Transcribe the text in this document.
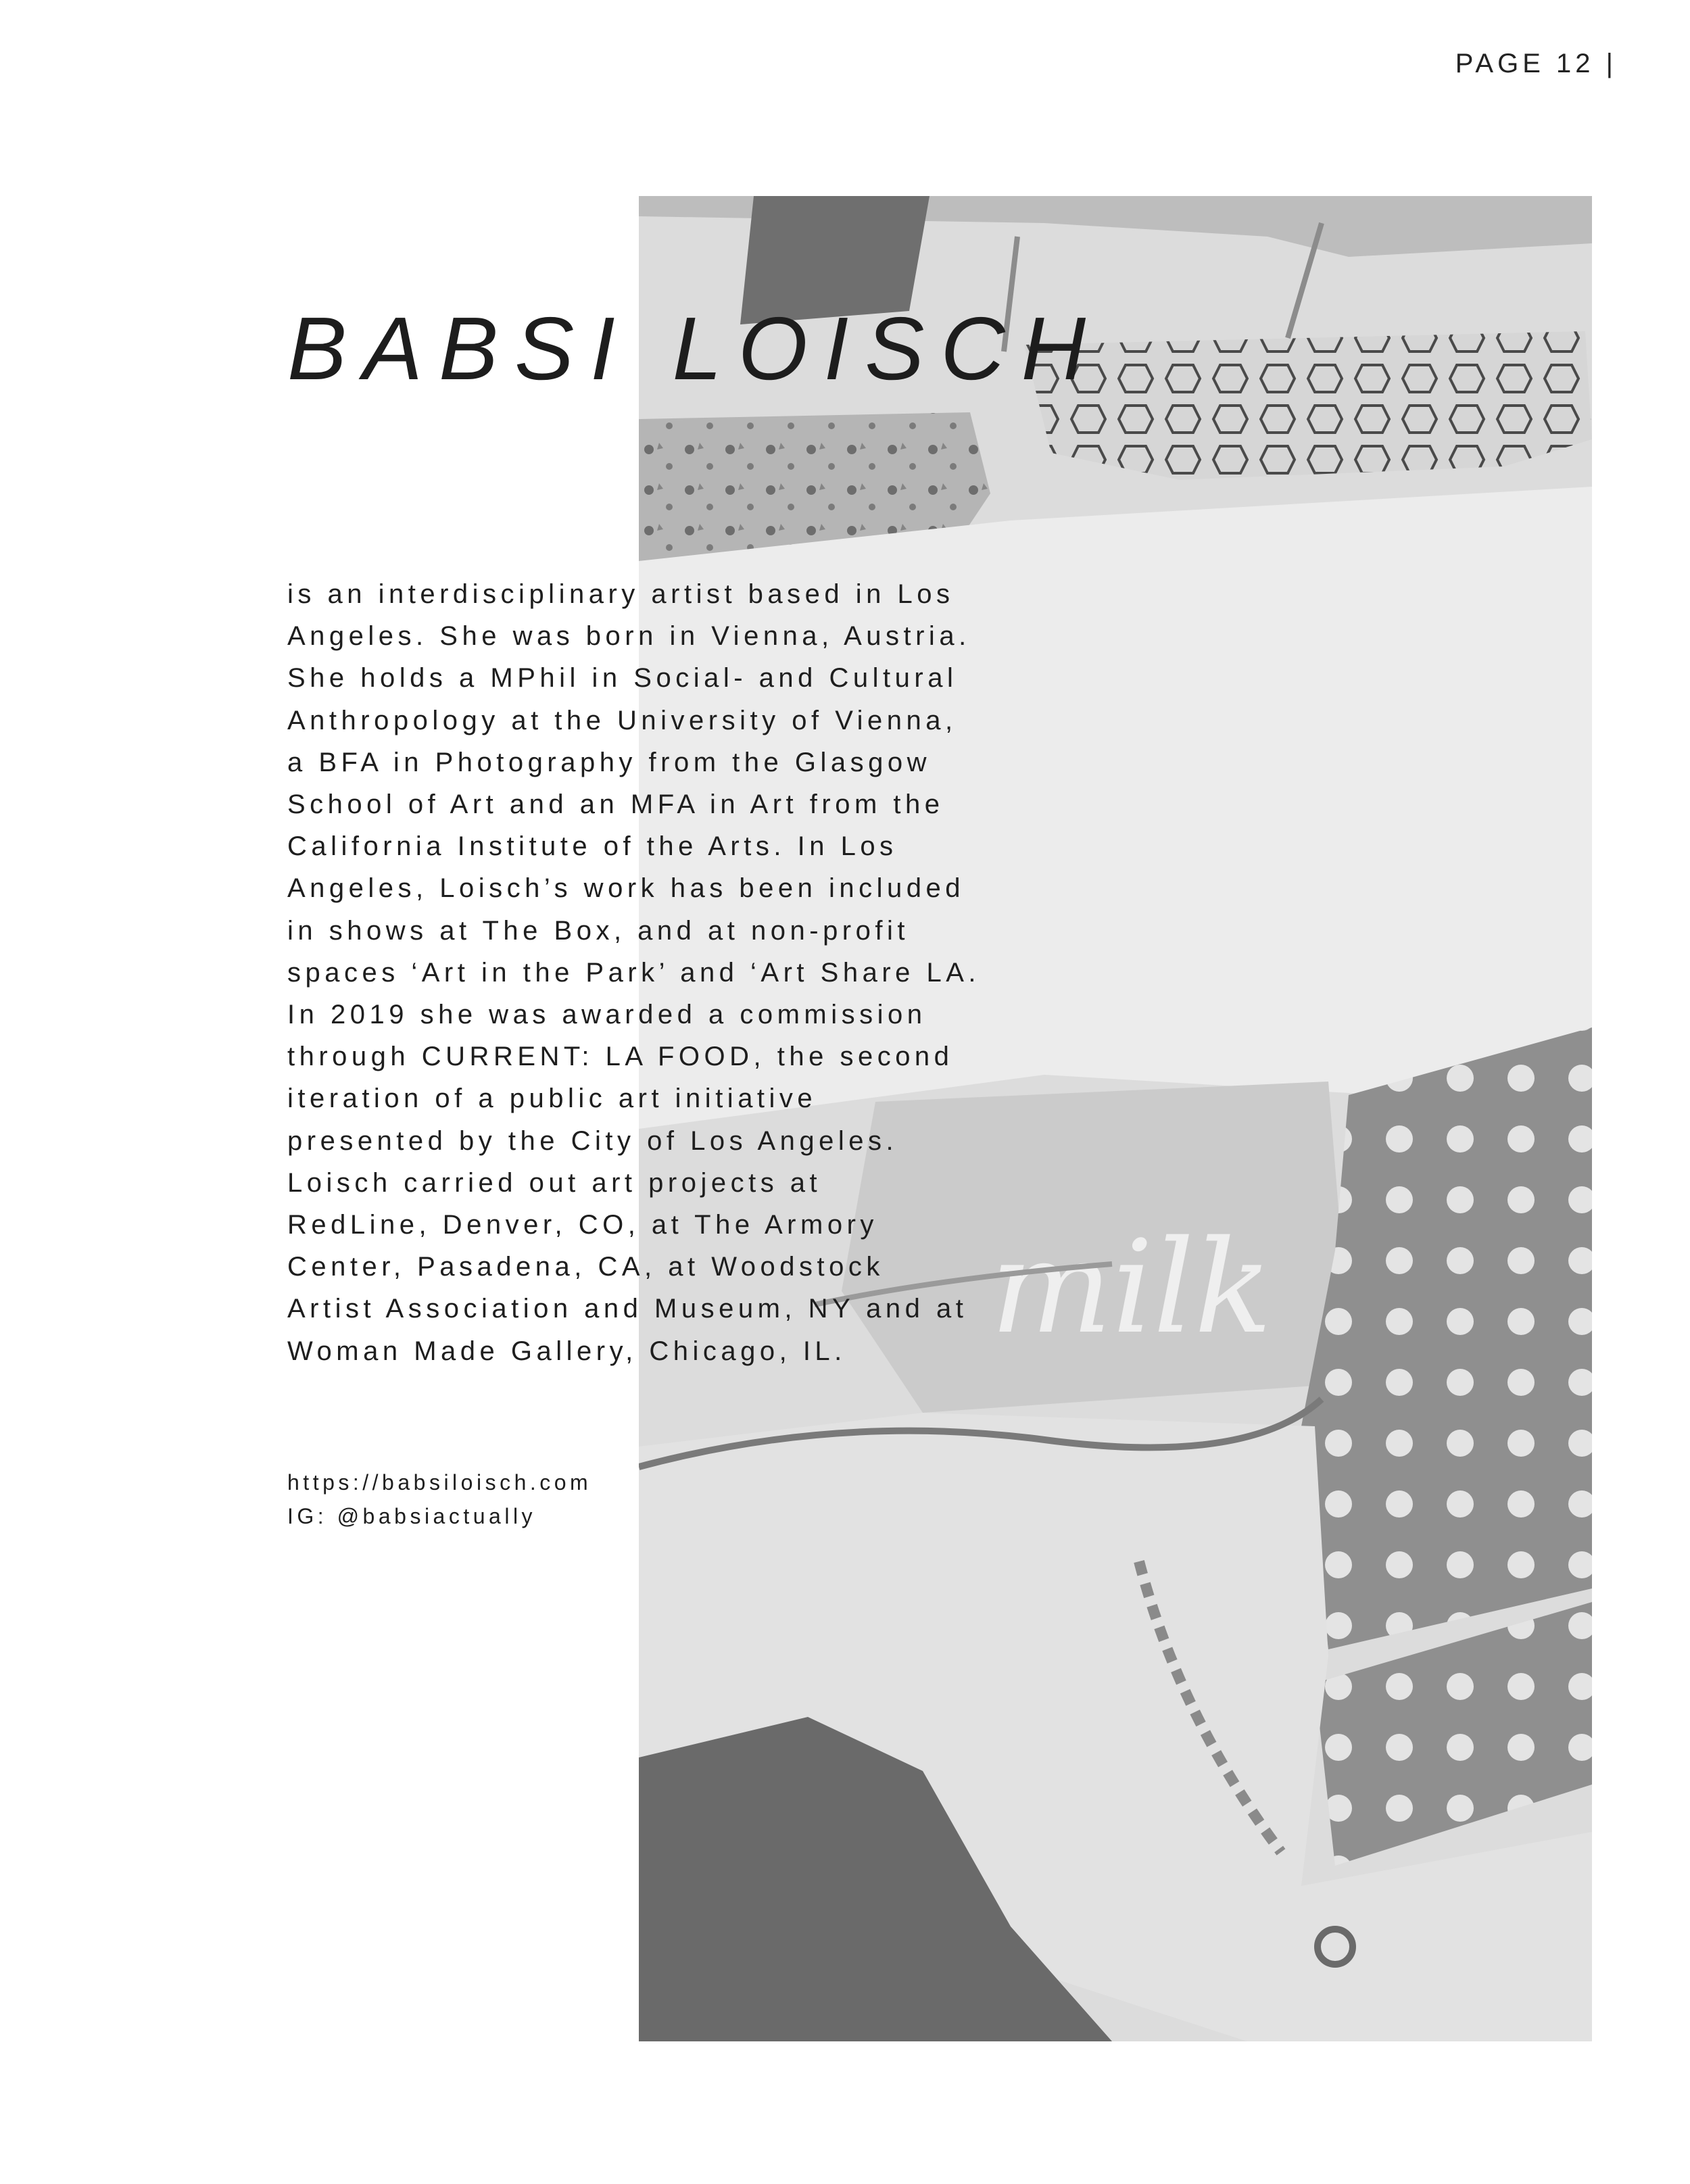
PAGE 12 |
milk
BABSI LOISCH
is an interdisciplinary artist based in Los
Angeles. She was born in Vienna, Austria.
She holds a MPhil in Social- and Cultural
Anthropology at the University of Vienna,
a BFA in Photography from the Glasgow
School of Art and an MFA in Art from the
California Institute of the Arts. In Los
Angeles, Loisch’s work has been included
in shows at The Box, and at non-profit
spaces ‘Art in the Park’ and ‘Art Share LA.
In 2019 she was awarded a commission
through CURRENT: LA FOOD, the second
iteration of a public art initiative
presented by the City of Los Angeles.
Loisch carried out art projects at
RedLine, Denver, CO, at The Armory
Center, Pasadena, CA, at Woodstock
Artist Association and Museum, NY and at
Woman Made Gallery, Chicago, IL.
https://babsiloisch.com
IG: @babsiactually
